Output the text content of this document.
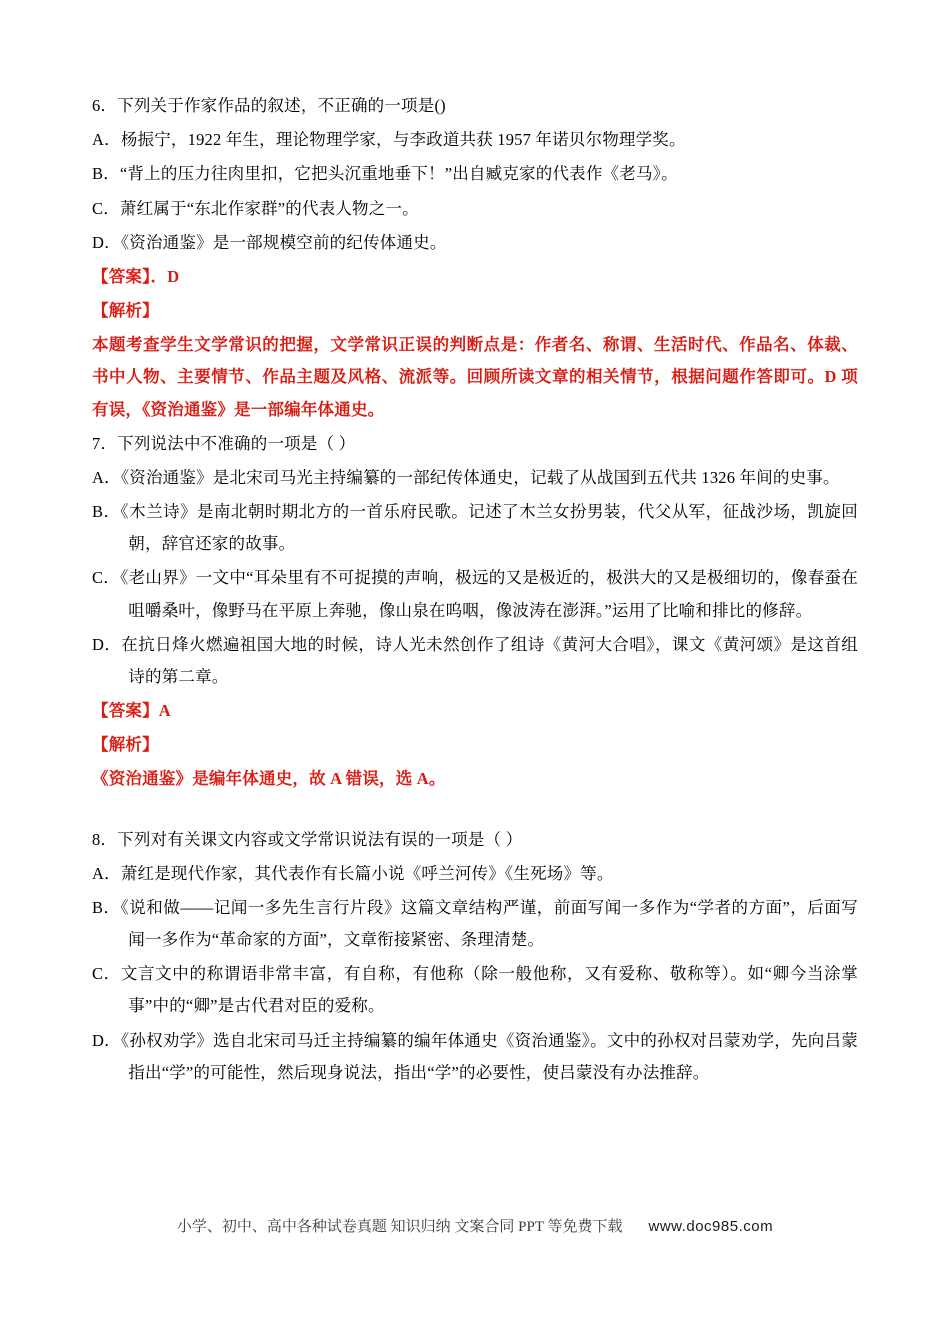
6．下列关于作家作品的叙述，不正确的一项是()
A．杨振宁，1922 年生，理论物理学家，与李政道共获 1957 年诺贝尔物理学奖。
B．“背上的压力往肉里扣，它把头沉重地垂下！”出自臧克家的代表作《老马》。
C．萧红属于“东北作家群”的代表人物之一。
D．《资治通鉴》是一部规模空前的纪传体通史。
【答案】．D
【解析】
本题考查学生文学常识的把握，文学常识正误的判断点是：作者名、称谓、生活时代、作品名、体裁、书中人物、主要情节、作品主题及风格、流派等。回顾所读文章的相关情节，根据问题作答即可。D 项有误，《资治通鉴》是一部编年体通史。
7．下列说法中不准确的一项是（ ）
A．《资治通鉴》是北宋司马光主持编纂的一部纪传体通史，记载了从战国到五代共 1326 年间的史事。
B．《木兰诗》是南北朝时期北方的一首乐府民歌。记述了木兰女扮男装，代父从军，征战沙场，凯旋回朝，辞官还家的故事。
C．《老山界》一文中“耳朵里有不可捉摸的声响，极远的又是极近的，极洪大的又是极细切的，像春蚕在咀嚼桑叶，像野马在平原上奔驰，像山泉在呜咽，像波涛在澎湃。”运用了比喻和排比的修辞。
D．在抗日烽火燃遍祖国大地的时候，诗人光未然创作了组诗《黄河大合唱》，课文《黄河颂》是这首组诗的第二章。
【答案】A
【解析】
《资治通鉴》是编年体通史，故 A 错误，选 A。
8．下列对有关课文内容或文学常识说法有误的一项是（ ）
A．萧红是现代作家，其代表作有长篇小说《呼兰河传》《生死场》等。
B．《说和做——记闻一多先生言行片段》这篇文章结构严谨，前面写闻一多作为“学者的方面”，后面写闻一多作为“革命家的方面”，文章衔接紧密、条理清楚。
C．文言文中的称谓语非常丰富，有自称，有他称（除一般他称，又有爱称、敬称等）。如“卿今当涂掌事”中的“卿”是古代君对臣的爱称。
D．《孙权劝学》选自北宋司马迁主持编纂的编年体通史《资治通鉴》。文中的孙权对吕蒙劝学，先向吕蒙指出“学”的可能性，然后现身说法，指出“学”的必要性，使吕蒙没有办法推辞。
小学、初中、高中各种试卷真题 知识归纳 文案合同 PPT 等免费下载 www.doc985.com
